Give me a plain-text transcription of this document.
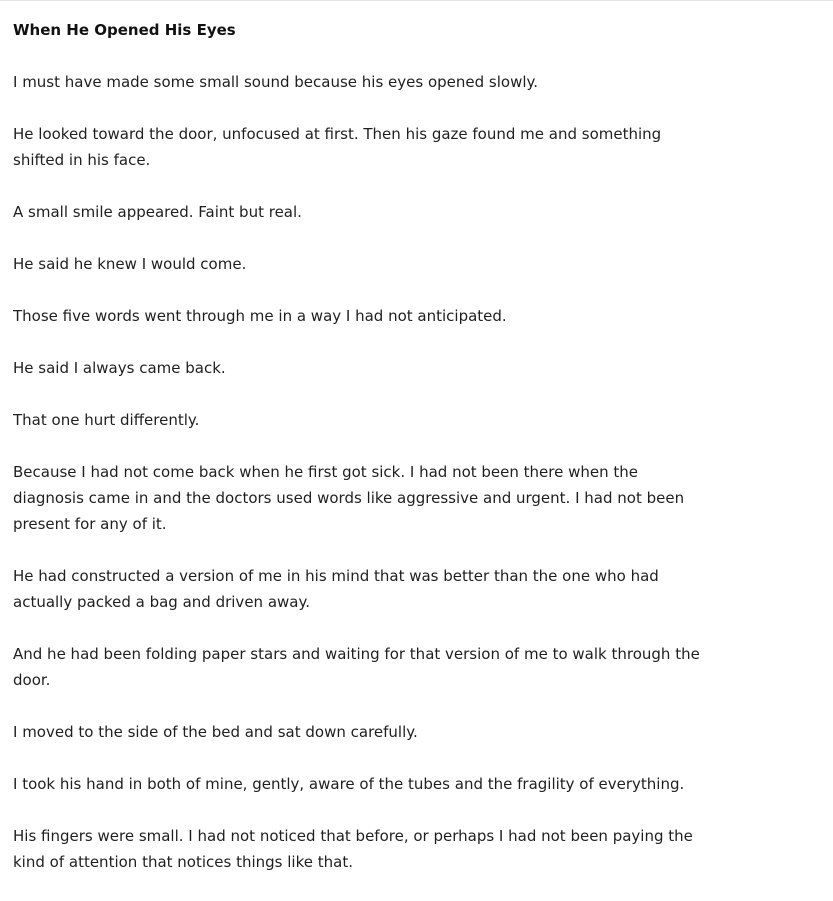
When He Opened His Eyes

I must have made some small sound because his eyes opened slowly.

He looked toward the door, unfocused at first. Then his gaze found me and something shifted in his face.

A small smile appeared. Faint but real.

He said he knew I would come.

Those five words went through me in a way I had not anticipated.

He said I always came back.

That one hurt differently.

Because I had not come back when he first got sick. I had not been there when the diagnosis came in and the doctors used words like aggressive and urgent. I had not been present for any of it.

He had constructed a version of me in his mind that was better than the one who had actually packed a bag and driven away.

And he had been folding paper stars and waiting for that version of me to walk through the door.

I moved to the side of the bed and sat down carefully.

I took his hand in both of mine, gently, aware of the tubes and the fragility of everything.

His fingers were small. I had not noticed that before, or perhaps I had not been paying the kind of attention that notices things like that.
